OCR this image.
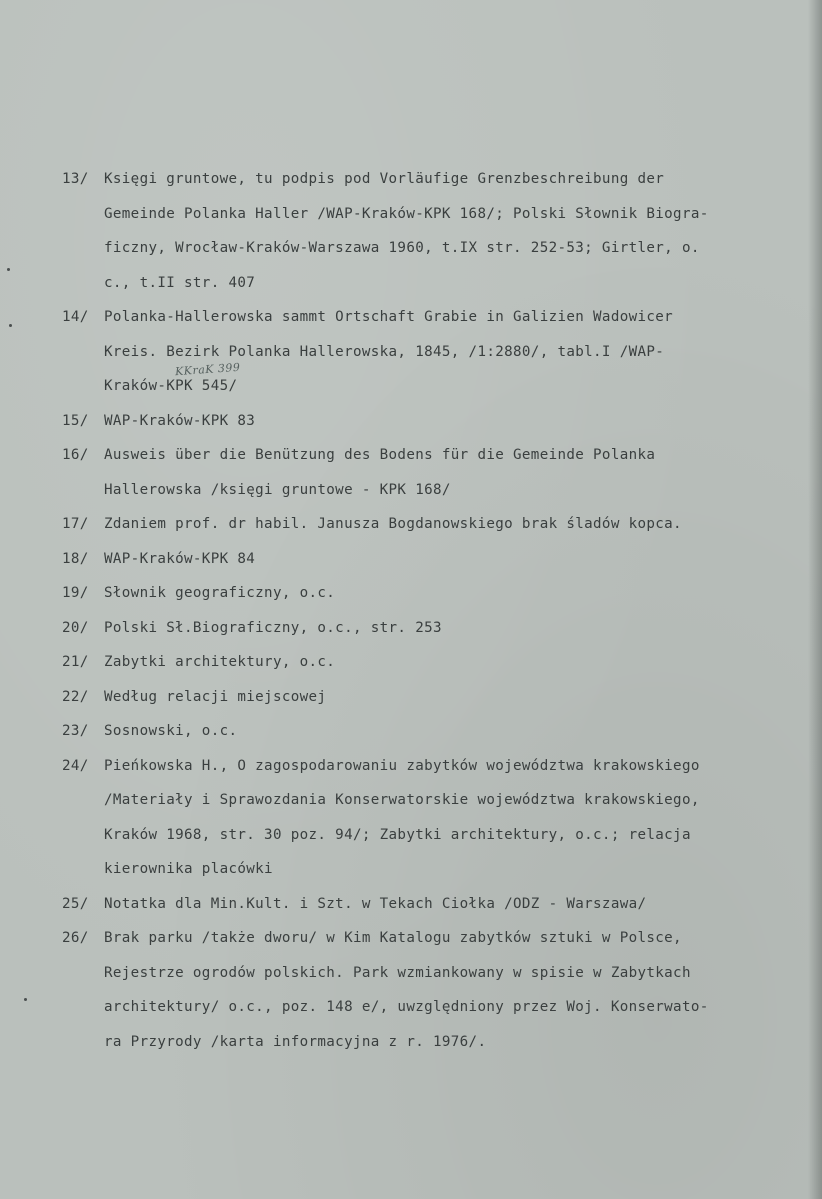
13/	Księgi gruntowe, tu podpis pod Vorläufige Grenzbeschreibung der
Gemeinde Polanka Haller /WAP-Kraków-KPK 168/; Polski Słownik Biogra-
ficzny, Wrocław-Kraków-Warszawa 1960, t.IX str. 252-53; Girtler, o.
c., t.II str. 407
14/	Polanka-Hallerowska sammt Ortschaft Grabie in Galizien Wadowicer
Kreis. Bezirk Polanka Hallerowska, 1845, /1:2880/, tabl.I /WAP-
Kraków-KPK 545/
15/	WAP-Kraków-KPK 83
16/	Ausweis über die Benützung des Bodens für die Gemeinde Polanka
Hallerowska /księgi gruntowe - KPK 168/
17/	Zdaniem prof. dr habil. Janusza Bogdanowskiego brak śladów kopca.
18/	WAP-Kraków-KPK 84
19/	Słownik geograficzny, o.c.
20/	Polski Sł.Biograficzny, o.c., str. 253
21/	Zabytki architektury, o.c.
22/	Według relacji miejscowej
23/	Sosnowski, o.c.
24/	Pieńkowska H., O zagospodarowaniu zabytków województwa krakowskiego
/Materiały i Sprawozdania Konserwatorskie województwa krakowskiego,
Kraków 1968, str. 30 poz. 94/; Zabytki architektury, o.c.; relacja
kierownika placówki
25/	Notatka dla Min.Kult. i Szt. w Tekach Ciołka /ODZ - Warszawa/
26/	Brak parku /także dworu/ w Kim Katalogu zabytków sztuki w Polsce,
Rejestrze ogrodów polskich. Park wzmiankowany w spisie w Zabytkach
architektury/ o.c., poz. 148 e/, uwzględniony przez Woj. Konserwato-
ra Przyrody /karta informacyjna z r. 1976/.
KKraK 399
